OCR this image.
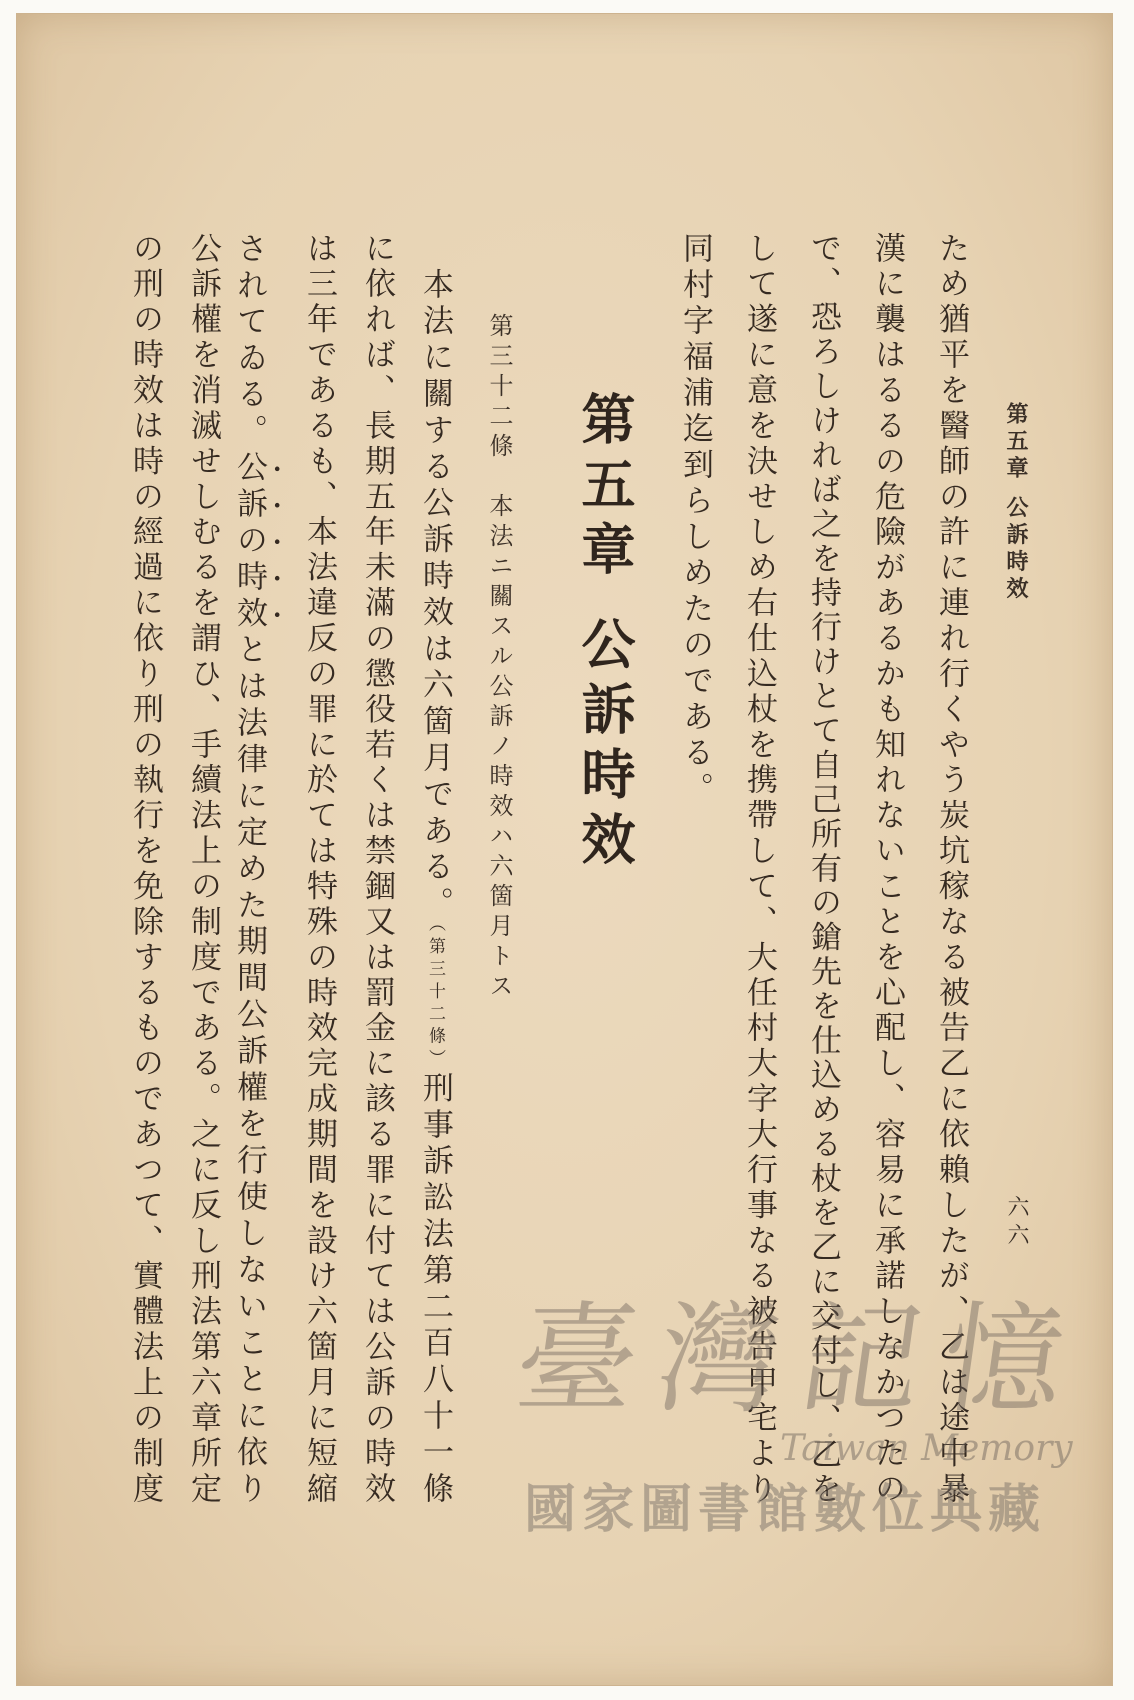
第五章 公訴時效
六六
ため猶平を醫師の許に連れ行くやう炭坑稼なる被告乙に依賴したが、乙は途中暴
漢に襲はるるの危險があるかも知れないことを心配し、容易に承諾しなかつたの
で、恐ろしければ之を持行けとて自己所有の鎗先を仕込める杖を乙に交付し、乙を
して遂に意を決せしめ右仕込杖を携帶して、大任村大字大行事なる被告甲宅より
同村字福浦迄到らしめたのである。
第五章 公訴時效
第三十二條　本法ニ關スル公訴ノ時效ハ六箇月トス
本法に關する公訴時效は六箇月である。（第三十二條）刑事訴訟法第二百八十一條
に依れば、長期五年未滿の懲役若くは禁錮又は罰金に該る罪に付ては公訴の時效
は三年であるも、本法違反の罪に於ては特殊の時效完成期間を設け六箇月に短縮
されてゐる。公訴の時效とは法律に定めた期間公訴權を行使しないことに依り
公訴權を消滅せしむるを謂ひ、手續法上の制度である。之に反し刑法第六章所定
の刑の時效は時の經過に依り刑の執行を免除するものであつて、實體法上の制度	臺灣記憶
Taiwan Memory
國家圖書館數位典藏
